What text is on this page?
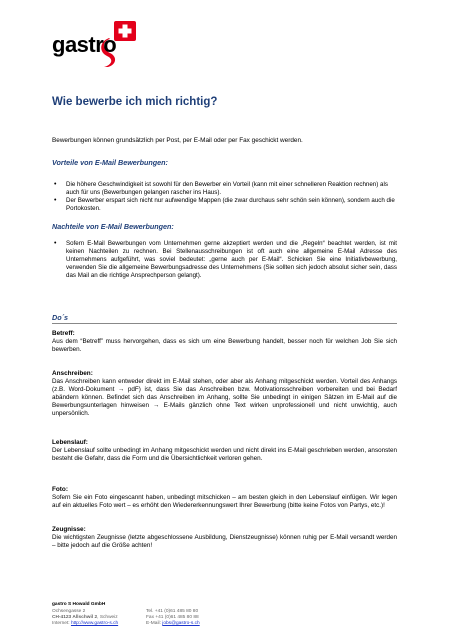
gastro
Wie bewerbe ich mich richtig?
Bewerbungen können grundsätzlich per Post, per E-Mail oder per Fax geschickt werden.
Vorteile von E-Mail Bewerbungen:
• Die höhere Geschwindigkeit ist sowohl für den Bewerber ein Vorteil (kann mit einer schnelleren Reaktion rechnen) als auch für uns (Bewerbungen gelangen rascher ins Haus).
• Der Bewerber erspart sich nicht nur aufwendige Mappen (die zwar durchaus sehr schön sein können), sondern auch die Portokosten.
Nachteile von E-Mail Bewerbungen:
• Sofern E-Mail Bewerbungen vom Unternehmen gerne akzeptiert werden und die „Regeln“ beachtet werden, ist mit keinen Nachteilen zu rechnen. Bei Stellenausschreibungen ist oft auch eine allgemeine E-Mail Adresse des Unternehmens aufgeführt, was soviel bedeutet: „gerne auch per E-Mail“. Schicken Sie eine Initiativbewerbung, verwenden Sie die allgemeine Bewerbungsadresse des Unternehmens (Sie sollten sich jedoch absolut sicher sein, dass das Mail an die richtige Ansprechperson gelangt).
Do´s
Betreff:

Aus dem “Betreff” muss hervorgehen, dass es sich um eine Bewerbung handelt, besser noch für welchen Job Sie sich bewerben.

Anschreiben:

Das Anschreiben kann entweder direkt im E-Mail stehen, oder aber als Anhang mitgeschickt werden. Vorteil des Anhangs (z.B. Word-Dokument → pdF) ist, dass Sie das Anschreiben bzw. Motivationsschreiben vorbereiten und bei Bedarf abändern können. Befindet sich das Anschreiben im Anhang, sollte Sie unbedingt in einigen Sätzen im E-Mail auf die Bewerbungsunterlagen hinweisen → E-Mails gänzlich ohne Text wirken unprofessionell und nicht unwichtig, auch unpersönlich.

Lebenslauf:

Der Lebenslauf sollte unbedingt im Anhang mitgeschickt werden und nicht direkt ins E-Mail geschrieben werden, ansonsten besteht die Gefahr, dass die Form und die Übersichtlichkeit verloren gehen.

Foto:

Sofern Sie ein Foto eingescannt haben, unbedingt mitschicken – am besten gleich in den Lebenslauf einfügen. Wir legen auf ein aktuelles Foto wert – es erhöht den Wiedererkennungswert Ihrer Bewerbung (bitte keine Fotos von Partys, etc.)!

Zeugnisse:

Die wichtigsten Zeugnisse (letzte abgeschlossene Ausbildung, Dienstzeugnisse) können ruhig per E-Mail versandt werden – bitte jedoch auf die Größe achten!

gastro S Howald GmbH
Ochsengasse 2	Tel. +41 (0)61 485 80 80
CH-4123 Allschwil 2, Schweiz	Fax +41 (0)61 485 80 88
Internet: http://www.gastro-s.ch	E-Mail: jobs@gastro-s.ch
